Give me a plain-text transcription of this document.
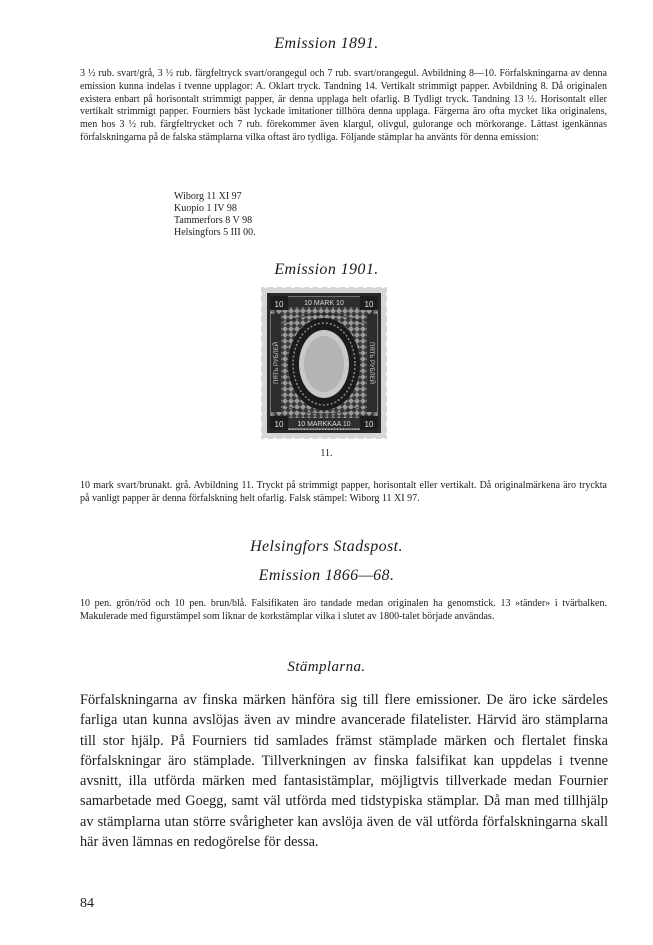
Emission 1891.

3 ½ rub. svart/grå, 3 ½ rub. färgfeltryck svart/orangegul och 7 rub. svart/orangegul. Avbildning 8—10. Förfalskningarna av denna emission kunna indelas i tvenne upplagor: A. Oklart tryck. Tandning 14. Vertikalt strimmigt papper. Avbildning 8. Då originalen existera enbart på horisontalt strimmigt papper, är denna upplaga helt ofarlig. B Tydligt tryck. Tandning 13 ½. Horisontalt eller vertikalt strimmigt papper. Fourniers bäst lyckade imitationer tillhöra denna upplaga. Färgerna äro ofta mycket lika originalens, men hos 3 ½ rub. färgfeltrycket och 7 rub. förekommer även klargul, olivgul, gulorange och mörkorange. Lättast igenkännas förfalskningarna på de falska stämplarna vilka oftast äro tydliga. Följande stämplar ha använts för denna emission:

Wiborg 11 XI 97
Kuopio 1 IV 98
Tammerfors 8 V 98
Helsingfors 5 III 00.
Emission 1901.
10 MARK 10
10 MARKKAA 10
10	10
10	10
ПЯТЬ РУБЛЕЙ	ПЯТЬ РУБЛЕЙ
11.

10 mark svart/brunakt. grå. Avbildning 11. Tryckt på strimmigt papper, horisontalt eller vertikalt. Då originalmärkena äro tryckta på vanligt papper är denna förfalskning helt ofarlig. Falsk stämpel: Wiborg 11 XI 97.

Helsingfors Stadspost.
Emission 1866—68.

10 pen. grön/röd och 10 pen. brun/blå. Falsifikaten äro tandade medan originalen ha genomstick. 13 »tänder» i tvärbalken. Makulerade med figurstämpel som liknar de korkstämplar vilka i slutet av 1800-talet började användas.

Stämplarna.

Förfalskningarna av finska märken hänföra sig till flere emissioner. De äro icke särdeles farliga utan kunna avslöjas även av mindre avancerade filatelister. Härvid äro stämplarna till stor hjälp. På Fourniers tid samlades främst stämplade märken och flertalet finska förfalskningar äro stämplade. Tillverkningen av finska falsifikat kan uppdelas i tvenne avsnitt, illa utförda märken med fantasistämplar, möjligtvis tillverkade medan Fournier samarbetade med Goegg, samt väl utförda med tidstypiska stämplar. Då man med tillhjälp av stämplarna utan större svårigheter kan avslöja även de väl utförda förfalskningarna skall här även lämnas en redogörelse för dessa.

84
